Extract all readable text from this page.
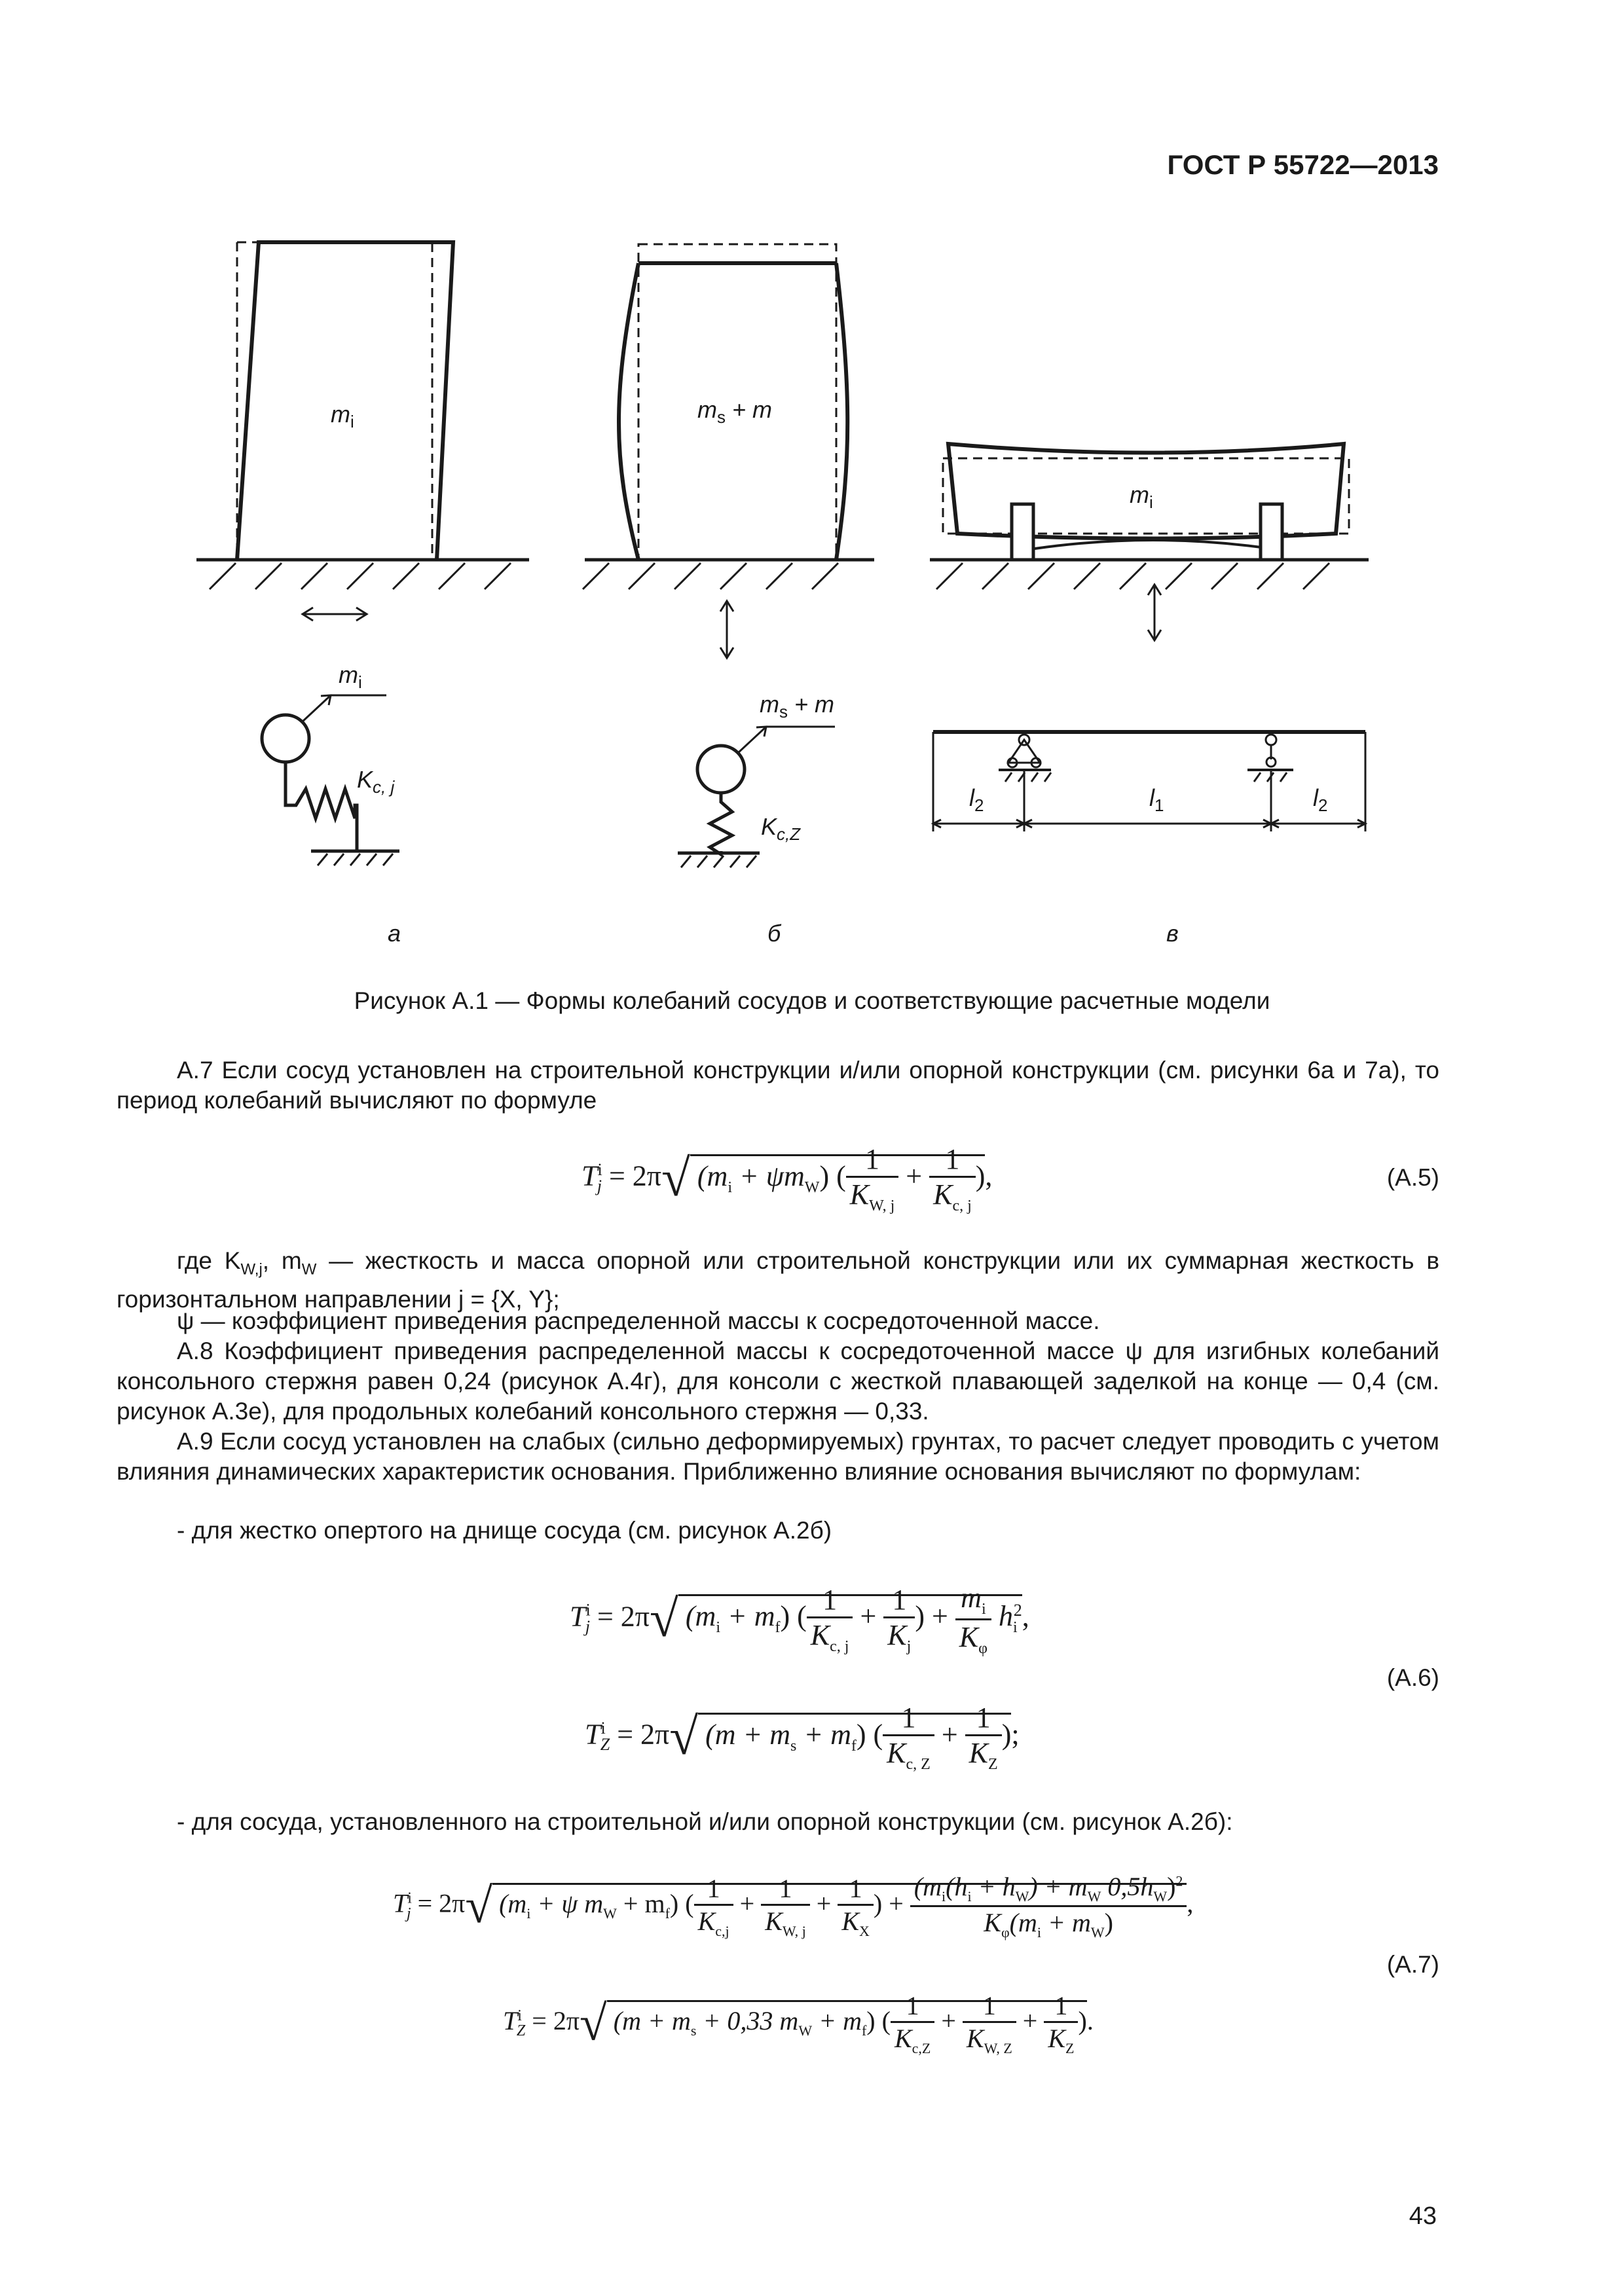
ГОСТ Р 55722—2013
$m_i$	$m_s + m$
$m_i$
$m_i$
$K_{c, j}$
$m_s + m$
$K_{c,Z}$
$l_2$	$l_1$	$l_2$
а	б	в
Рисунок А.1 — Формы колебаний сосудов и соответствующие расчетные модели
А.7 Если сосуд установлен на строительной конструкции и/или опорной конструкции (см. рисунки 6а и 7а), то период колебаний вычисляют по формуле
$T^i_j = 2\pi√$ $(m_i + \psi m_W)$ ( $\frac{1}{K_{W, j}} + \frac{1}{K_{c, j}}$ ),	(А.5)
где $K_{W,j}$, $m_W$ — жесткость и масса опорной или строительной конструкции или их суммарная жесткость в горизонтальном направлении j = {X, Y};
ψ — коэффициент приведения распределенной массы к сосредоточенной массе.
А.8 Коэффициент приведения распределенной массы к сосредоточенной массе ψ для изгибных колебаний консольного стержня равен 0,24 (рисунок А.4г), для консоли с жесткой плавающей заделкой на конце — 0,4 (см. рисунок А.3е), для продольных колебаний консольного стержня — 0,33.
А.9 Если сосуд установлен на слабых (сильно деформируемых) грунтах, то расчет следует проводить с учетом влияния динамических характеристик основания. Приближенно влияние основания вычисляют по формулам:
- для жестко опертого на днище сосуда (см. рисунок А.2б)
$T^i_j = 2\pi√$ $(m_i + m_f)$ ( $\frac{1}{K_{c, j}} + \frac{1}{K_j}$ ) + $\frac{m_i}{K_\varphi} h_i^2$,
$T^i_Z = 2\pi√$ $(m + m_s + m_f)$ ( $\frac{1}{K_{c, Z}} + \frac{1}{K_Z}$ );
(А.6)
- для сосуда, установленного на строительной и/или опорной конструкции (см. рисунок А.2б):
$T^i_j = 2\pi√$ ($m_i + \psi$ $m_W + m_f$) ( $\frac{1}{K_{c,j}} + \frac{1}{K_{W, j}} + \frac{1}{K_X}$ ) + $\frac{(m_i(h_i + h_W) + m_W 0,5h_W)^2}{K_\varphi(m_i + m_W)}$ ,
$T^i_Z = 2\pi√$ ($m + m_s + 0,33$ $m_W + m_f$) ( $\frac{1}{K_{c,Z}} + \frac{1}{K_{W, Z}} + \frac{1}{K_Z}$ ).
(А.7)
43
